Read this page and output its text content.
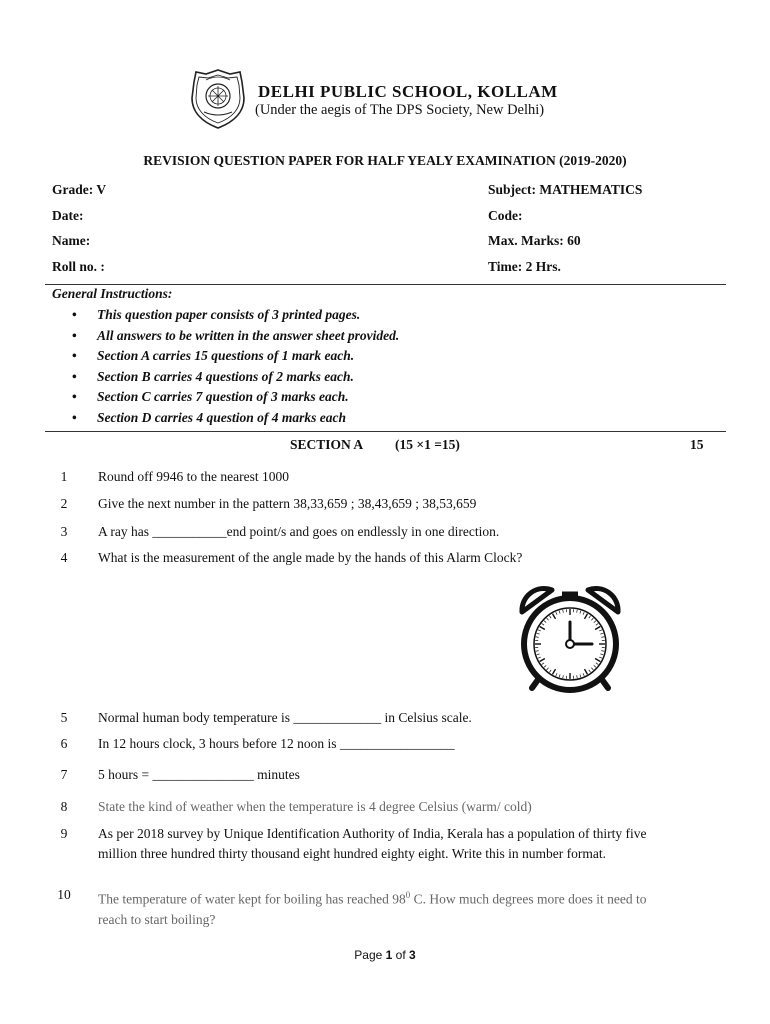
DELHI PUBLIC SCHOOL, KOLLAM
(Under the aegis of The DPS Society, New Delhi)
REVISION QUESTION PAPER FOR HALF YEALY EXAMINATION (2019-2020)
Grade: V	Subject: MATHEMATICS
Date:	Code:
Name:	Max. Marks: 60
Roll no. :	Time: 2 Hrs.
General Instructions:
• This question paper consists of 3 printed pages.
• All answers to be written in the answer sheet provided.
• Section A carries 15 questions of 1 mark each.
• Section B carries 4 questions of 2 marks each.
• Section C carries 7 question of 3 marks each.
• Section D carries 4 question of 4 marks each
SECTION A (15 ×1 =15)	15
1	Round off 9946 to the nearest 1000
2	Give the next number in the pattern 38,33,659 ; 38,43,659 ; 38,53,659
3	A ray has ___________end point/s and goes on endlessly in one direction.
4	What is the measurement of the angle made by the hands of this Alarm Clock?
5	Normal human body temperature is _____________ in Celsius scale.
6	In 12 hours clock, 3 hours before 12 noon is _________________
7	5 hours = _______________ minutes
8	State the kind of weather when the temperature is 4 degree Celsius (warm/ cold)
9	As per 2018 survey by Unique Identification Authority of India, Kerala has a population of thirty five million three hundred thirty thousand eight hundred eighty eight. Write this in number format.
10	The temperature of water kept for boiling has reached $98^0$ C. How much degrees more does it need to reach to start boiling?
Page 1 of 3
